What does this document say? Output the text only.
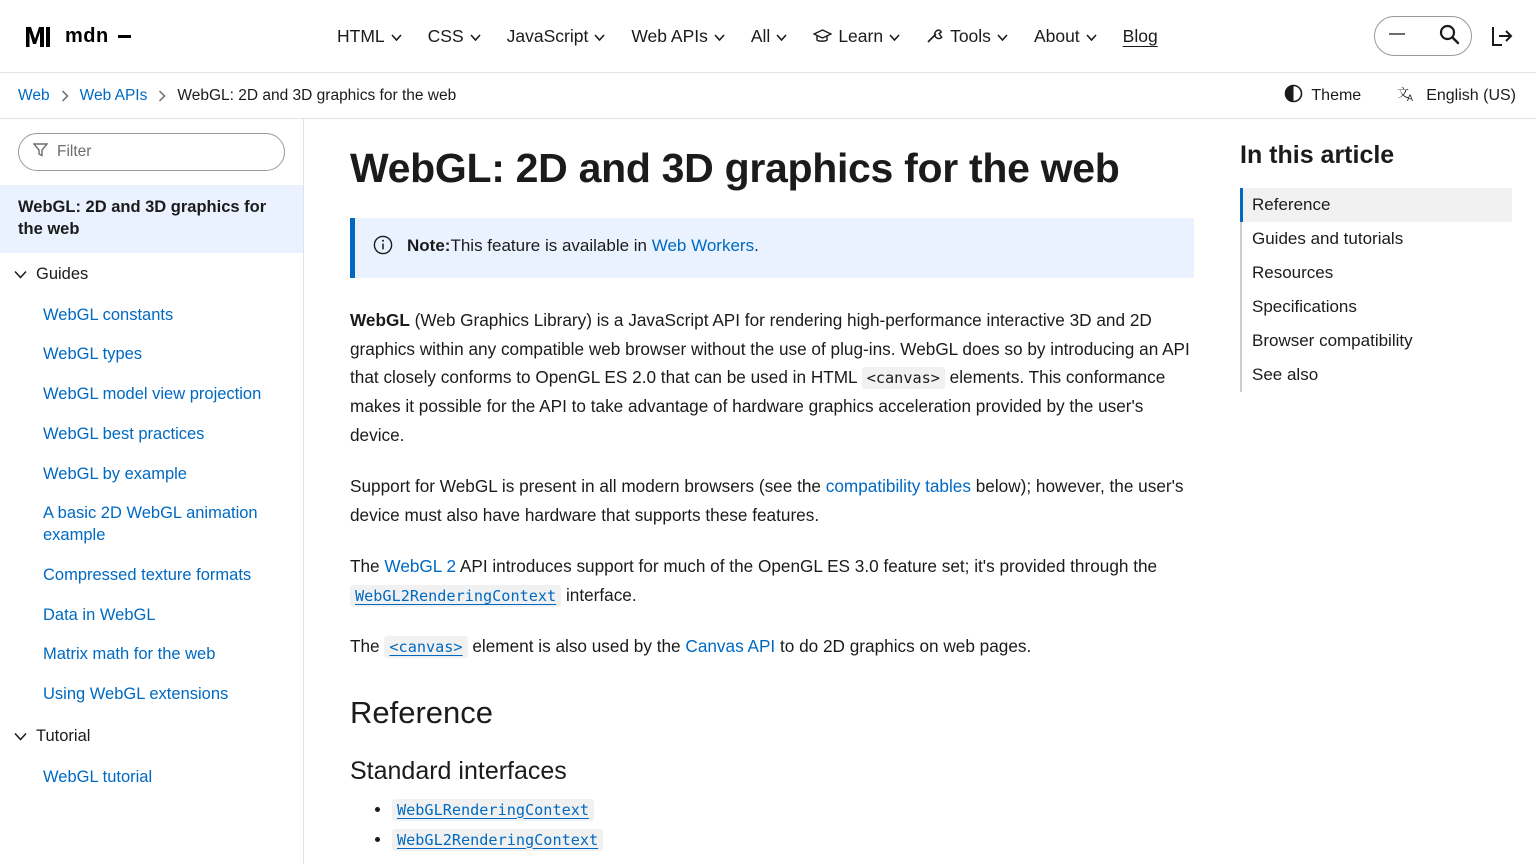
mdn	HTML CSS JavaScript Web APIs All	Learn	Tools About Blog
Web Web APIs WebGL: 2D and 3D graphics for the web	Theme	文
A English (US)
Filter
WebGL: 2D and 3D graphics for the web
Guides
WebGL constants
WebGL types
WebGL model view projection
WebGL best practices
WebGL by example
A basic 2D WebGL animation example
Compressed texture formats
Data in WebGL
Matrix math for the web
Using WebGL extensions
Tutorial
WebGL tutorial
WebGL: 2D and 3D graphics for the web
Note:This feature is available in Web Workers.

WebGL (Web Graphics Library) is a JavaScript API for rendering high-performance interactive 3D and 2D graphics within any compatible web browser without the use of plug-ins. WebGL does so by introducing an API that closely conforms to OpenGL ES 2.0 that can be used in HTML <canvas> elements. This conformance makes it possible for the API to take advantage of hardware graphics acceleration provided by the user's device.

Support for WebGL is present in all modern browsers (see the compatibility tables below); however, the user's device must also have hardware that supports these features.

The WebGL 2 API introduces support for much of the OpenGL ES 3.0 feature set; it's provided through the WebGL2RenderingContext interface.

The <canvas> element is also used by the Canvas API to do 2D graphics on web pages.

Reference
Standard interfaces
• WebGLRenderingContext
• WebGL2RenderingContext
In this article
Reference
Guides and tutorials
Resources
Specifications
Browser compatibility
See also
